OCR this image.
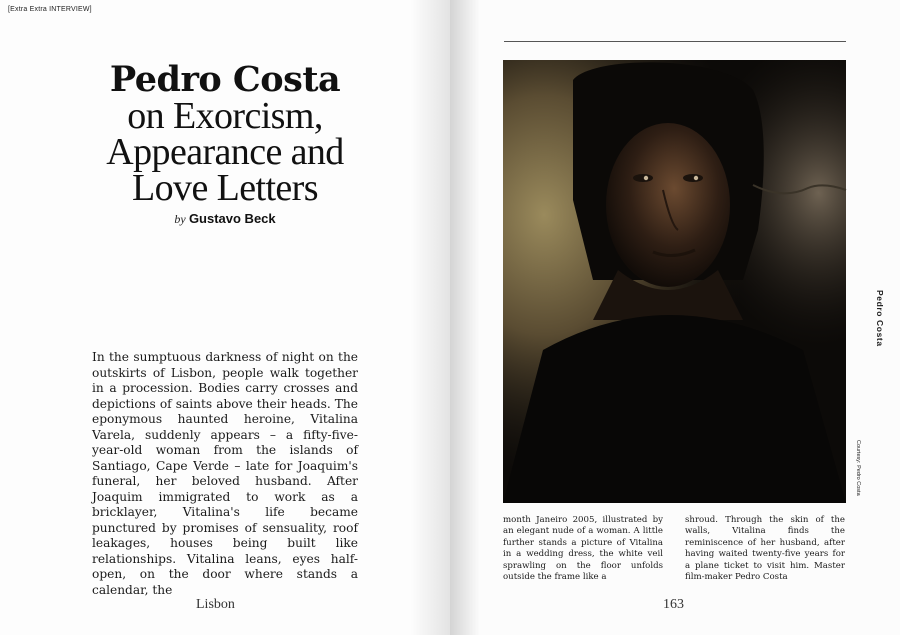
[Extra Extra INTERVIEW]
Pedro Costa
on Exorcism,
Appearance and
Love Letters
by Gustavo Beck
In the sumptuous darkness of night on the outskirts of Lisbon, people walk together in a procession. Bodies carry crosses and depictions of saints above their heads. The eponymous haunted heroine, Vitalina Varela, suddenly appears – a fifty-five-year-old woman from the islands of Santiago, Cape Verde – late for Joaquim's funeral, her beloved husband. After Joaquim immigrated to work as a bricklayer, Vitalina's life became punctured by promises of sensuality, roof leakages, houses being built like relationships. Vitalina leans, eyes half-open, on the door where stands a calendar, the
Lisbon
Courtesy: Pedro Costa
Pedro Costa
month Janeiro 2005, illustrated by an elegant nude of a woman. A little further stands a picture of Vitalina in a wedding dress, the white veil sprawling on the floor unfolds outside the frame like a
shroud. Through the skin of the walls, Vitalina finds the reminiscence of her husband, after having waited twenty-five years for a plane ticket to visit him. Master film-maker Pedro Costa
163
